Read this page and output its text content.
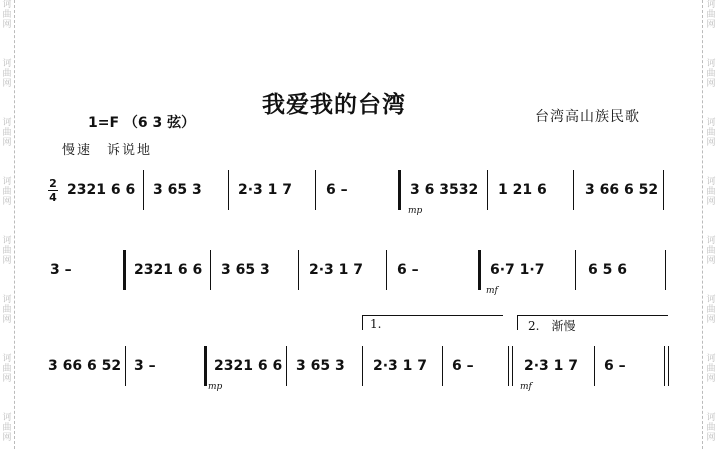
诃
曲
网
诃
曲
网
诃
曲
网
诃
曲
网
诃
曲
网
诃
曲
网
诃
曲
网
诃
曲
网
诃
曲
网
诃
曲
网
诃
曲
网
诃
曲
网
诃
曲
网
诃
曲
网
诃
曲
网
诃
曲
网
我爱我的台湾
1=F （6 3 弦）	台湾高山族民歌
慢速　诉说地
2
4 2321 6 6 3 65 3	2·3 1 7 6 –	3 6 3532 1 21 6	3 66 6 52
mp
3 –	2321 6 6 3 65 3	2·3 1 7 6 –	6·7 1·7	6 5 6
mf
1.	2.　渐慢
3 66 6 52 3 –	2321 6 6 3 65 3 2·3 1 7 6 –	2·3 1 7 6 –
mp	mf
